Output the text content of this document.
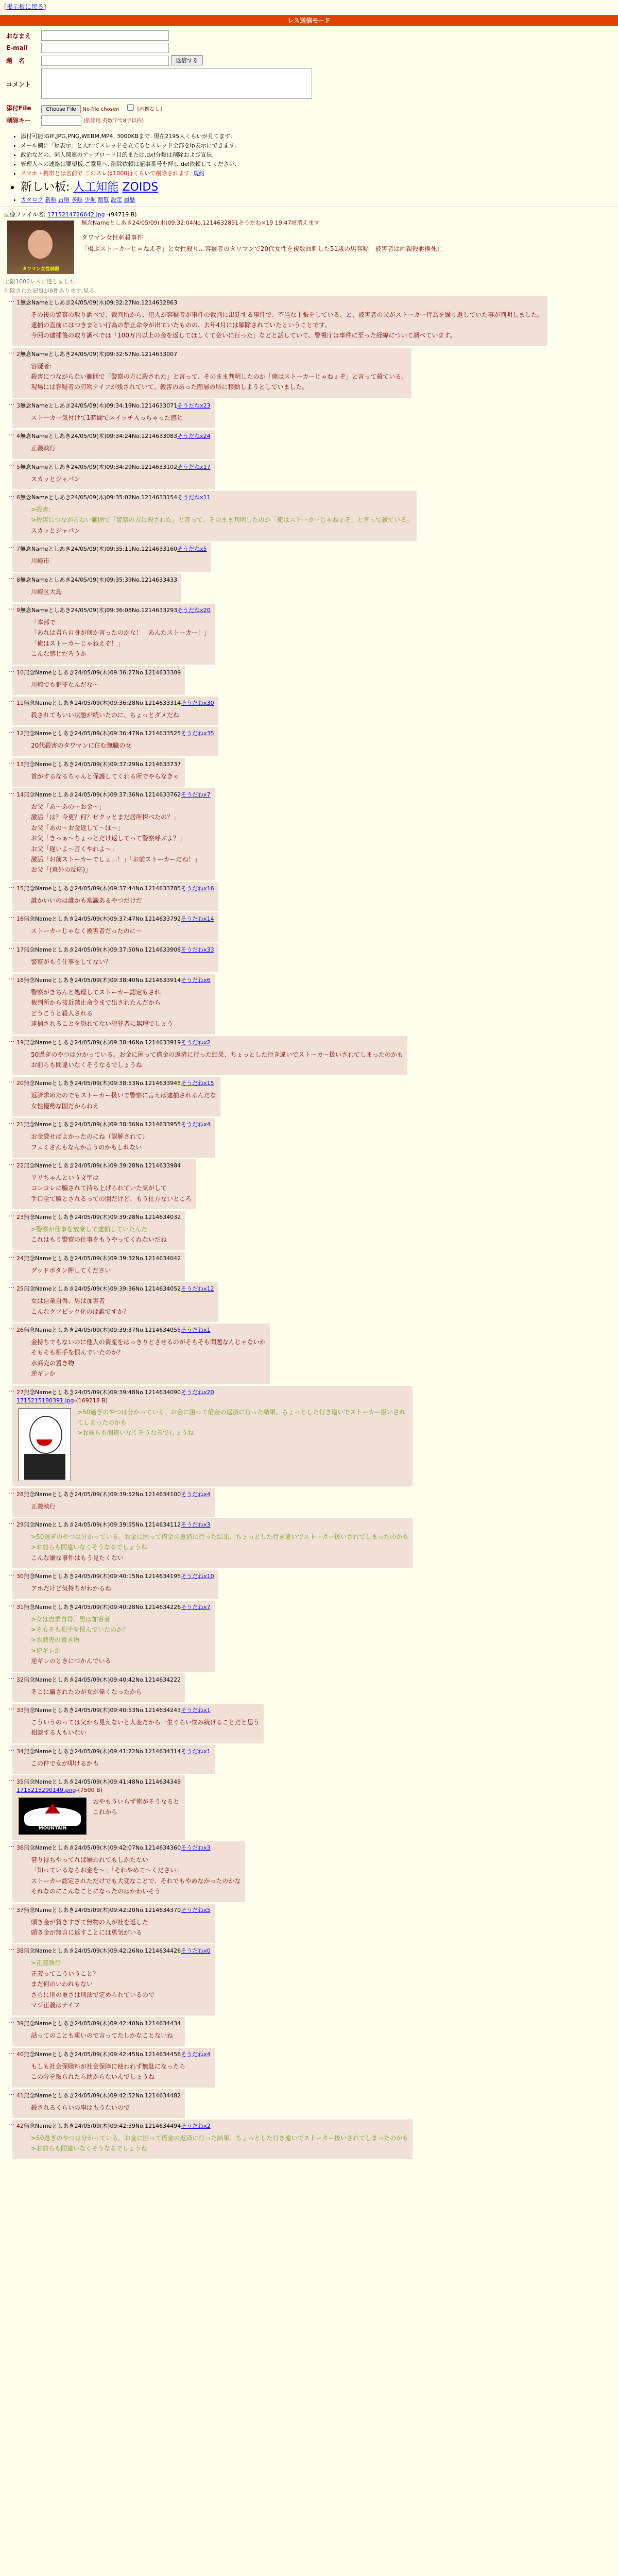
[掲示板に戻る]
レス送信モード
おなまえ	
E-mail	
題　名	返信する
コメント	
添付File	Choose File No file chosen [画像なし]
削除キー	(削除用.英数字で8字以内)
• 添付可能:GIF,JPG,PNG,WEBM,MP4. 3000KBまで. 現在2195人くらいが見てます.
• メール欄に「ip表示」と入れてスレッドを立てるとスレッド全部をip表示にできます.
• 政治などの、同人関連のアップロード目的または.dxf分類は削除および宣伝.
• 管理人への連絡は要望板.ご意見へ. 削除依頼は記事番号を押し.del依頼してください.
• スマホ・携帯とは名前で このスレは1000行くらいで削除されます. 規約
• 新しい板: 人工知能 ZOIDS
• カタログ 新順 古順 多順 少順 閲覧 設定 履歴
画像ファイル名: 1715214726642.jpg -(94719 B)
タワマン女性刺殺
無念Nameとしあき24/05/09(木)09:32:04No.1214632891そうだね×19 19:47頃消えます
タワマン女性刺殺事件
「梅ぶストーカーじゃねえぞ」と女性殺り…容疑者のタワマンで20代女性を複数回刺した51歳の男容疑　被害者は両親殺訴換死亡
上限1000レスに達しました
削除された記事が9件あります.見る
… 1無念Nameとしあき24/05/09(木)09:32:27No.1214632863
その後の警察の取り調べで、裁判所から、犯人が容疑者が事件の裁判に出廷する事件で、不当な主張をしている、と、被害者の父がストーカー行為を繰り返していた事が判明しました。
逮捕の直前にはつきまとい行為の禁止命令が出ていたものの、去年4月には解除されていたということです。
今回の逮捕後の取り調べでは「100万円以上の金を返してほしくて会いに行った」などと話していて、警視庁は事件に至った経緯について調べています。
… 2無念Nameとしあき24/05/09(木)09:32:57No.1214633007
容疑者:
殺害につながらない範囲で「警察の方に殺された」と言って、そのまま判明したのか「俺はストーカーじゃねぇぞ」と言って殺ている。
現場には容疑者の刃物ナイフが残されていて、殺害のあった階層の所に移動しようとしていました。
… 3無念Nameとしあき24/05/09(木)09:34:19No.1214633071そうだねx23
スト一カー気付けて1時間でスイッチ入っちゃった感じ
… 4無念Nameとしあき24/05/09(木)09:34:24No.1214633083そうだねx24
正義執行
… 5無念Nameとしあき24/05/09(木)09:34:29No.1214633102そうだねx17
スカッとジャパン
… 6無念Nameとしあき24/05/09(木)09:35:02No.1214633154そうだねx11
>殺害:
>殺害につながらない範囲で「警察の方に殺された」と言って、そのまま判明したのか「俺はストーカーじゃねぇぞ」と言って殺ている。
スカッとジャパン
… 7無念Nameとしあき24/05/09(木)09:35:11No.1214633160そうだねx5
川崎市
… 8無念Nameとしあき24/05/09(木)09:35:39No.1214633433
川崎区大島
… 9無念Nameとしあき24/05/09(木)09:36:08No.1214633293そうだねx20
「本部で
「あれは君ら自身が何か言ったのかな！　あんたストーカー！」
「俺はストーカーじゃねえぞ！」
こんな感じだろうか
… 10無念Nameとしあき24/05/09(木)09:36:27No.1214633309
川崎でも犯罪なんだな〜
… 11無念Nameとしあき24/05/09(木)09:36:28No.1214633314そうだねx30
殺されてもいい状態が続いたのに、ちょっとダメだね
… 12無念Nameとしあき24/05/09(木)09:36:47No.1214633525そうだねx35
20代殺害のタワマンに住む無職の女
… 13無念Nameとしあき24/05/09(木)09:37:29No.1214633737
首がするなるちゃんと保護してくれる所でやらなきゃ
… 14無念Nameとしあき24/05/09(木)09:37:36No.1214633762そうだねx7
お父「あ～あの～お金～」
激活「は？今更？何？ビクッとまだ居所探べたの？」
お父「あの～お金返して～ほ～」
お父「きっぁ～ちょっとだけ返してって警察呼ぶよ？」
お父「遅いよ～言くやれよ～」
激活「お前ストーカーでしょ…！」「お前ストーカーだね！」
お父「(意外の反応)」
… 15無念Nameとしあき24/05/09(木)09:37:44No.1214633785そうだねx16
誰かいいのは誰かも常識あるやつだけだ
… 16無念Nameとしあき24/05/09(木)09:37:47No.1214633792そうだねx14
ストーカーじゃなく被害者だったのに～
… 17無念Nameとしあき24/05/09(木)09:37:50No.1214633908そうだねx33
警察がもう仕事をしてない？
… 18無念Nameとしあき24/05/09(木)09:38:40No.1214633914そうだねx6
警察がきちんと処理してストーカー認定もされ
裁判所から接近禁止命令まで出されたんだから
どうこうと殺人される
逮捕されることを恐れてない犯罪者に無理でしょう
… 19無念Nameとしあき24/05/09(木)09:38:46No.1214633919そうだねx2
50過ぎのやつは分かっている。お金に困って借金の返済に行った結果、ちょっとした行き違いでストーカー扱いされてしまったのかも
お前らも間違いなくそうなるでしょうね
… 20無念Nameとしあき24/05/09(木)09:38:53No.1214633945そうだねx15
返済求めたのでもストーカー扱いで警察に言えば逮捕されるんだな
女性優勢な国だからねえ
… 21無念Nameとしあき24/05/09(木)09:38:56No.1214633955そうだねx4
お金貸せばよかったのにね（誤解されて）
フェミさんもなんか言うのかもしれない
… 22無念Nameとしあき24/05/09(木)09:39:28No.1214633984
リリちゃんという文字は
コレコレに騙されて持ち上げられていた気がして
手口全て騙とされるっての闇だけど、もう仕方ないところ
… 23無念Nameとしあき24/05/09(木)09:39:28No.1214634032
>警察が仕事を放棄して逮捕していたんだ
これはもう警察の仕事をもうやってくれないだね
… 24無念Nameとしあき24/05/09(木)09:39:32No.1214634042
グッドボタン押してください
… 25無念Nameとしあき24/05/09(木)09:39:36No.1214634052そうだねx12
女は自業自得、男は加害者
こんなクソピック化のは誰ですか？
… 26無念Nameとしあき24/05/09(木)09:39:37No.1214634055そうだねx1
金持ちでもないのに他人の資産をはっきりとさせるのがそもそも問題なんじゃないか
そもそも相手を恨んでいたのか？
水商売の置き物
逆ギレか
… 27無念Nameとしあき24/05/09(木)09:39:48No.1214634090そうだねx20
1715215180391.jpg-(169218 B)
>50過ぎのやつは分かっている。お金に困って借金の返済に行った結果、ちょっとした行き違いでストーカー扱いされてしまったのかも
>お前らも間違いなくそうなるでしょうね
… 28無念Nameとしあき24/05/09(木)09:39:52No.1214634100そうだねx4
正義執行
… 29無念Nameとしあき24/05/09(木)09:39:55No.1214634112そうだねx3
>50過ぎのやつは分かっている。お金に困って借金の返済に行った結果、ちょっとした行き違いでストーカー扱いされてしまったのかも
>お前らも間違いなくそうなるでしょうね
こんな嫌な事件はもう見たくない
… 30無念Nameとしあき24/05/09(木)09:40:15No.1214634195そうだねx10
アホだけど気持ちがわかるね
… 31無念Nameとしあき24/05/09(木)09:40:28No.1214634226そうだねx7
>女は自業自得、男は加害者
>そもそも相手を恨んでいたのか？
>水商売の置き物
>逆ギレか
逆ギレのときにつかんでいる
… 32無念Nameとしあき24/05/09(木)09:40:42No.1214634222
そこに騙されたのが女が偉くなったから
… 33無念Nameとしあき24/05/09(木)09:40:53No.1214634243そうだねx1
こういうのっては父から見えないと大変だから一生ぐらい悩み続けることだと思う
相談する人もいない
… 34無念Nameとしあき24/05/09(木)09:41:22No.1214634314そうだねx1
この件で女が叩けるかも
… 35無念Nameとしあき24/05/09(木)09:41:48No.1214634349
1715215290149.png-(7500 B)
MOUNTAIN
おやもういらず俺がそうなるとこれから
… 36無念Nameとしあき24/05/09(木)09:42:07No.1214634360そうだねx3
借り待ちやってれば嫌われてもしかたない
「知っているならお金を～」「それやめて～ください」
ストーカー認定されただけでも大変なことで、それでもやめなかったのかな
それなのにこんなことになったのはかわいそう
… 37無念Nameとしあき24/05/09(木)09:42:20No.1214634370そうだねx5
頭き金が貸きすぎて無物の人が社を返した
頭き金が無言に返すことには勇気がいる
… 38無念Nameとしあき24/05/09(木)09:42:26No.1214634426そうだねx0
>正義執行
正義ってこういうこと？
まだ何のいわれもない
さらに刑の重さは刑法で定められているので
マジ正義はナイフ
… 39無念Nameとしあき24/05/09(木)09:42:40No.1214634434
話ってのことも重いので言ってたしかなことないね
… 40無念Nameとしあき24/05/09(木)09:42:45No.1214634456そうだねx4
もしも社会保険料が社会保障に使われず無駄になったら
この分を取られたら助からないんでしょうね
… 41無念Nameとしあき24/05/09(木)09:42:52No.1214634482
殺されるくらいの事はもうないので
… 42無念Nameとしあき24/05/09(木)09:42:59No.1214634494そうだねx2
>50過ぎのやつは分かっている。お金に困って借金の返済に行った結果、ちょっとした行き違いでストーカー扱いされてしまったのかも
>お前らも間違いなくそうなるでしょうね
